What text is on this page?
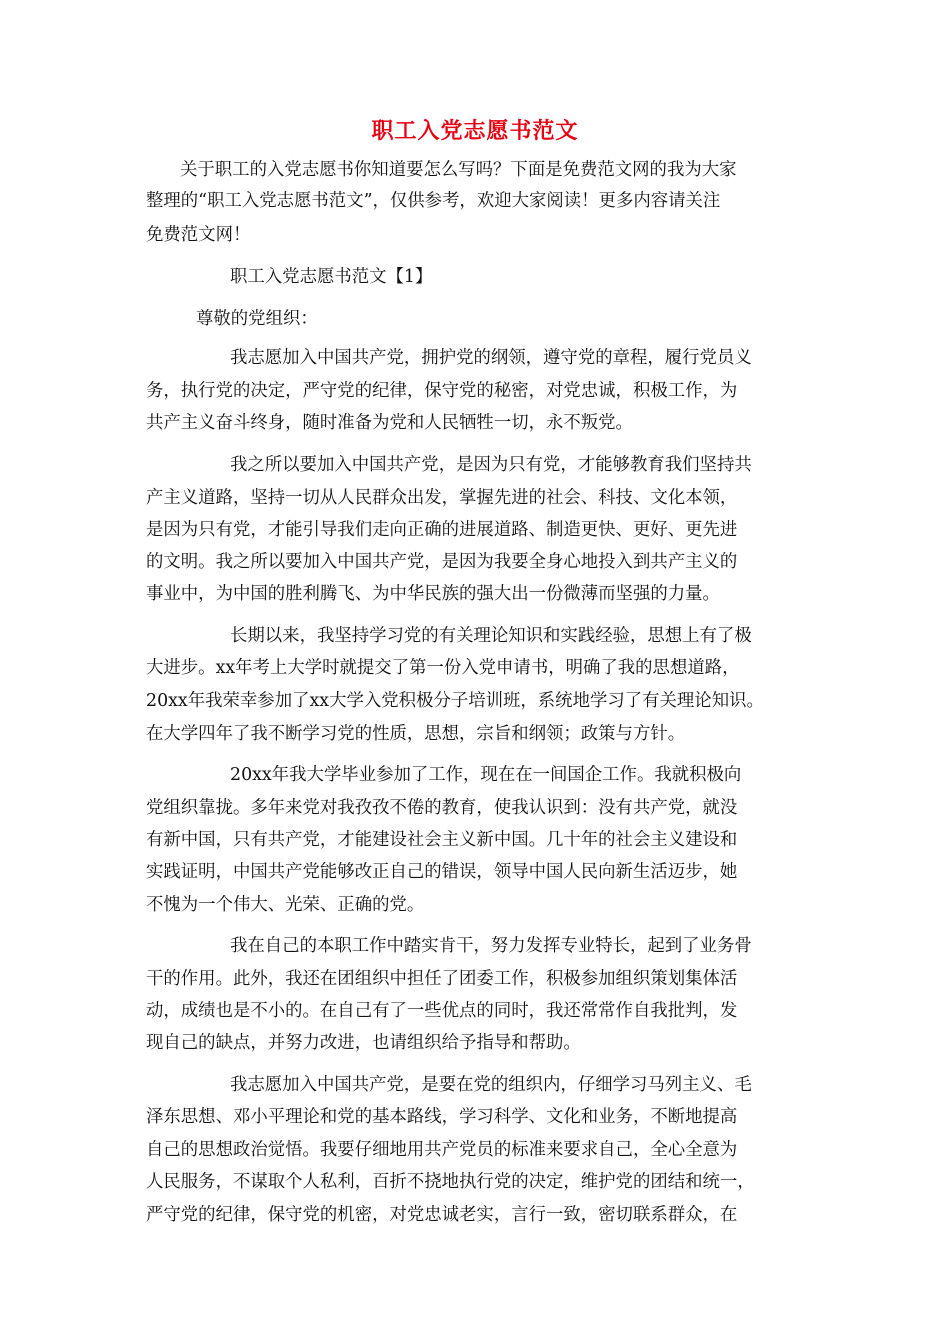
职工入党志愿书范文
关于职工的入党志愿书你知道要怎么写吗？下面是免费范文网的我为大家
整理的“职工入党志愿书范文”，仅供参考，欢迎大家阅读！更多内容请关注
免费范文网！
职工入党志愿书范文【1】
尊敬的党组织：
我志愿加入中国共产党，拥护党的纲领，遵守党的章程，履行党员义
务，执行党的决定，严守党的纪律，保守党的秘密，对党忠诚，积极工作，为
共产主义奋斗终身，随时准备为党和人民牺牲一切，永不叛党。
我之所以要加入中国共产党，是因为只有党，才能够教育我们坚持共
产主义道路，坚持一切从人民群众出发，掌握先进的社会、科技、文化本领，
是因为只有党，才能引导我们走向正确的进展道路、制造更快、更好、更先进
的文明。我之所以要加入中国共产党，是因为我要全身心地投入到共产主义的
事业中，为中国的胜利腾飞、为中华民族的强大出一份微薄而坚强的力量。
长期以来，我坚持学习党的有关理论知识和实践经验，思想上有了极
大进步。xx年考上大学时就提交了第一份入党申请书，明确了我的思想道路，
20xx年我荣幸参加了xx大学入党积极分子培训班，系统地学习了有关理论知识。
在大学四年了我不断学习党的性质，思想，宗旨和纲领；政策与方针。
20xx年我大学毕业参加了工作，现在在一间国企工作。我就积极向
党组织靠拢。多年来党对我孜孜不倦的教育，使我认识到：没有共产党，就没
有新中国，只有共产党，才能建设社会主义新中国。几十年的社会主义建设和
实践证明，中国共产党能够改正自己的错误，领导中国人民向新生活迈步，她
不愧为一个伟大、光荣、正确的党。
我在自己的本职工作中踏实肯干，努力发挥专业特长，起到了业务骨
干的作用。此外，我还在团组织中担任了团委工作，积极参加组织策划集体活
动，成绩也是不小的。在自己有了一些优点的同时，我还常常作自我批判，发
现自己的缺点，并努力改进，也请组织给予指导和帮助。
我志愿加入中国共产党，是要在党的组织内，仔细学习马列主义、毛
泽东思想、邓小平理论和党的基本路线，学习科学、文化和业务，不断地提高
自己的思想政治觉悟。我要仔细地用共产党员的标准来要求自己，全心全意为
人民服务，不谋取个人私利，百折不挠地执行党的决定，维护党的团结和统一，
严守党的纪律，保守党的机密，对党忠诚老实，言行一致，密切联系群众，在
